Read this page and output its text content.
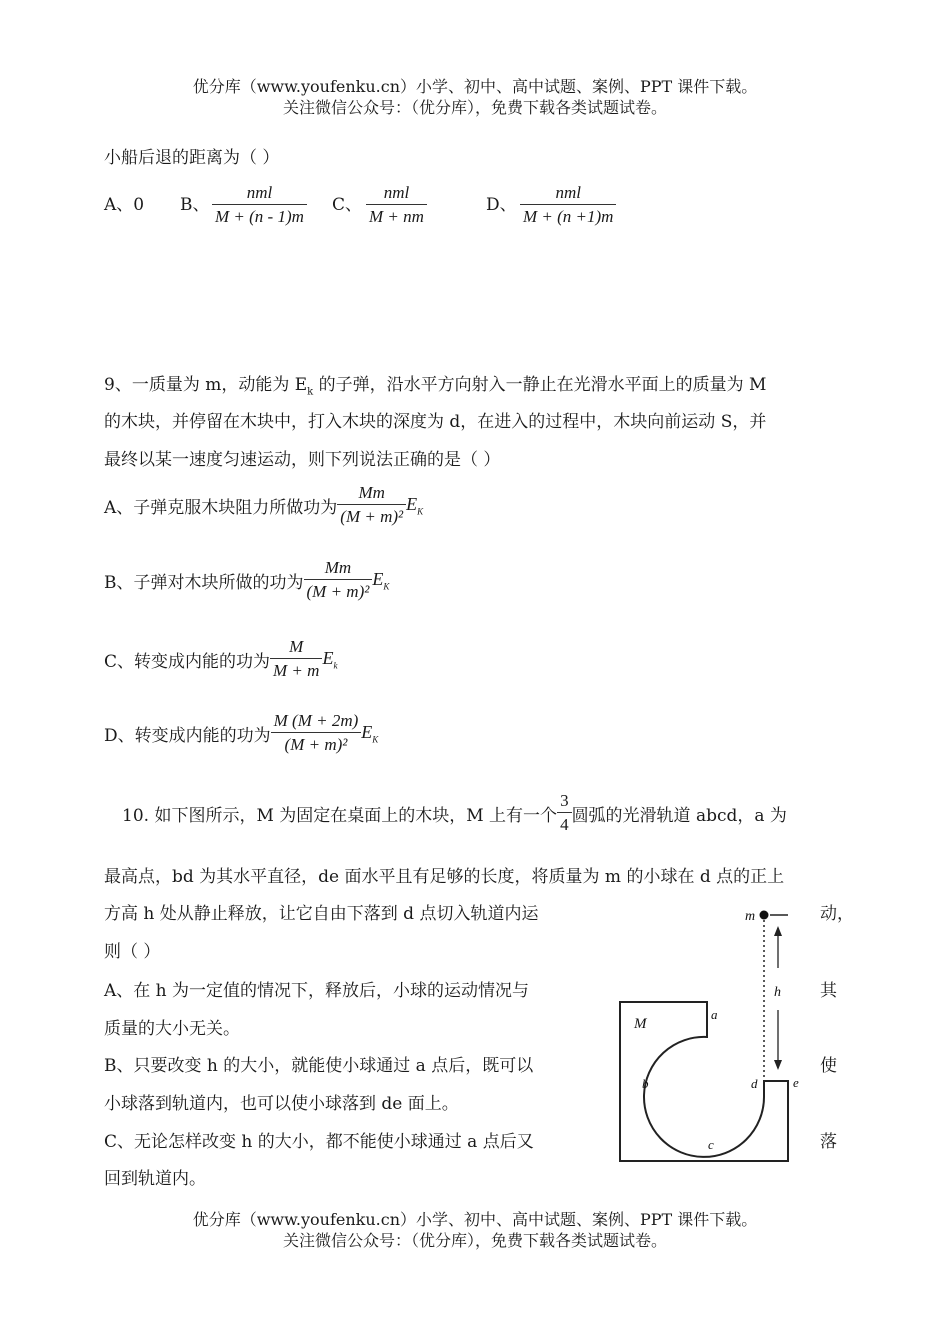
优分库（www.youfenku.cn）小学、初中、高中试题、案例、PPT 课件下载。
关注微信公众号：（优分库），免费下载各类试题试卷。
小船后退的距离为（ ）
A、0 B、 $\frac{\text{nml}}{M + (n - 1)m}$ C、 $\frac{\text{nml}}{M + nm}$	D、 $\frac{\text{nml}}{M + (n +1)m}$
9、一质量为 m，动能为 $E_k$ 的子弹，沿水平方向射入一静止在光滑水平面上的质量为 M
的木块，并停留在木块中，打入木块的深度为 d，在进入的过程中，木块向前运动 S，并
最终以某一速度匀速运动，则下列说法正确的是（ ）
A、子弹克服木块阻力所做功为 $\frac{Mm}{\text{(M + m)²}} E_K$
B、子弹对木块所做的功为 $\frac{Mm}{\text{(M + m)²}} E_K$
C、转变成内能的功为 $\frac{M}{M + m} E_k$
D、转变成内能的功为 $\frac{M (M + 2m)}{\text{(M + m)²}} E_K$
10. 如下图所示，M 为固定在桌面上的木块，M 上有一个 $\frac{3}{4}$ 圆弧的光滑轨道 abcd，a 为
最高点，bd 为其水平直径，de 面水平且有足够的长度，将质量为 m 的小球在 d 点的正上
方高 h 处从静止释放，让它自由下落到 d 点切入轨道内运	动，
则（ ）
A、在 h 为一定值的情况下，释放后，小球的运动情况与	其
质量的大小无关。
B、只要改变 h 的大小，就能使小球通过 a 点后，既可以	使
小球落到轨道内，也可以使小球落到 de 面上。
C、无论怎样改变 h 的大小，都不能使小球通过 a 点后又	落
回到轨道内。
m
h
M
a
b
c
d	e
优分库（www.youfenku.cn）小学、初中、高中试题、案例、PPT 课件下载。
关注微信公众号：（优分库），免费下载各类试题试卷。
